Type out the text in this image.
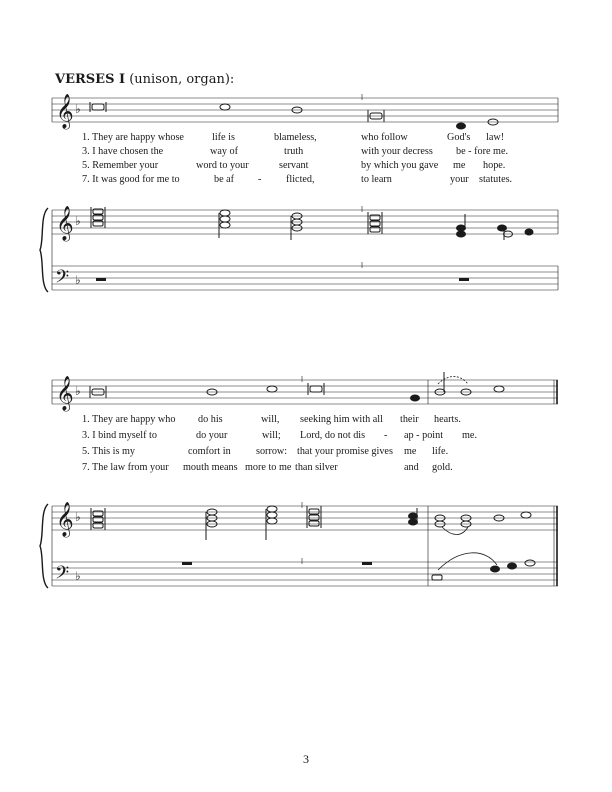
VERSES I (unison, organ):
𝄞
𝄞
𝄢
𝄞
𝄞
𝄢
♭
♭
♭
♭
♭
♭
1. They are happy whose	life is	blameless,	who follow	God's law!
3. I have chosen the	way of	truth	with your decress be - fore me.
5. Remember your	word to your	servant	by which you gave me hope.
7. It was good for me to	be af - flicted,	to learn	your statutes.
1. They are happy who do his	will, seeking him with all their hearts.
3. I bind myself to	do your	will; Lord, do not dis - ap - point me.
5. This is my	comfort in sorrow: that your promise gives me life.
7. The law from your mouth means more to me than silver	and gold.
3
